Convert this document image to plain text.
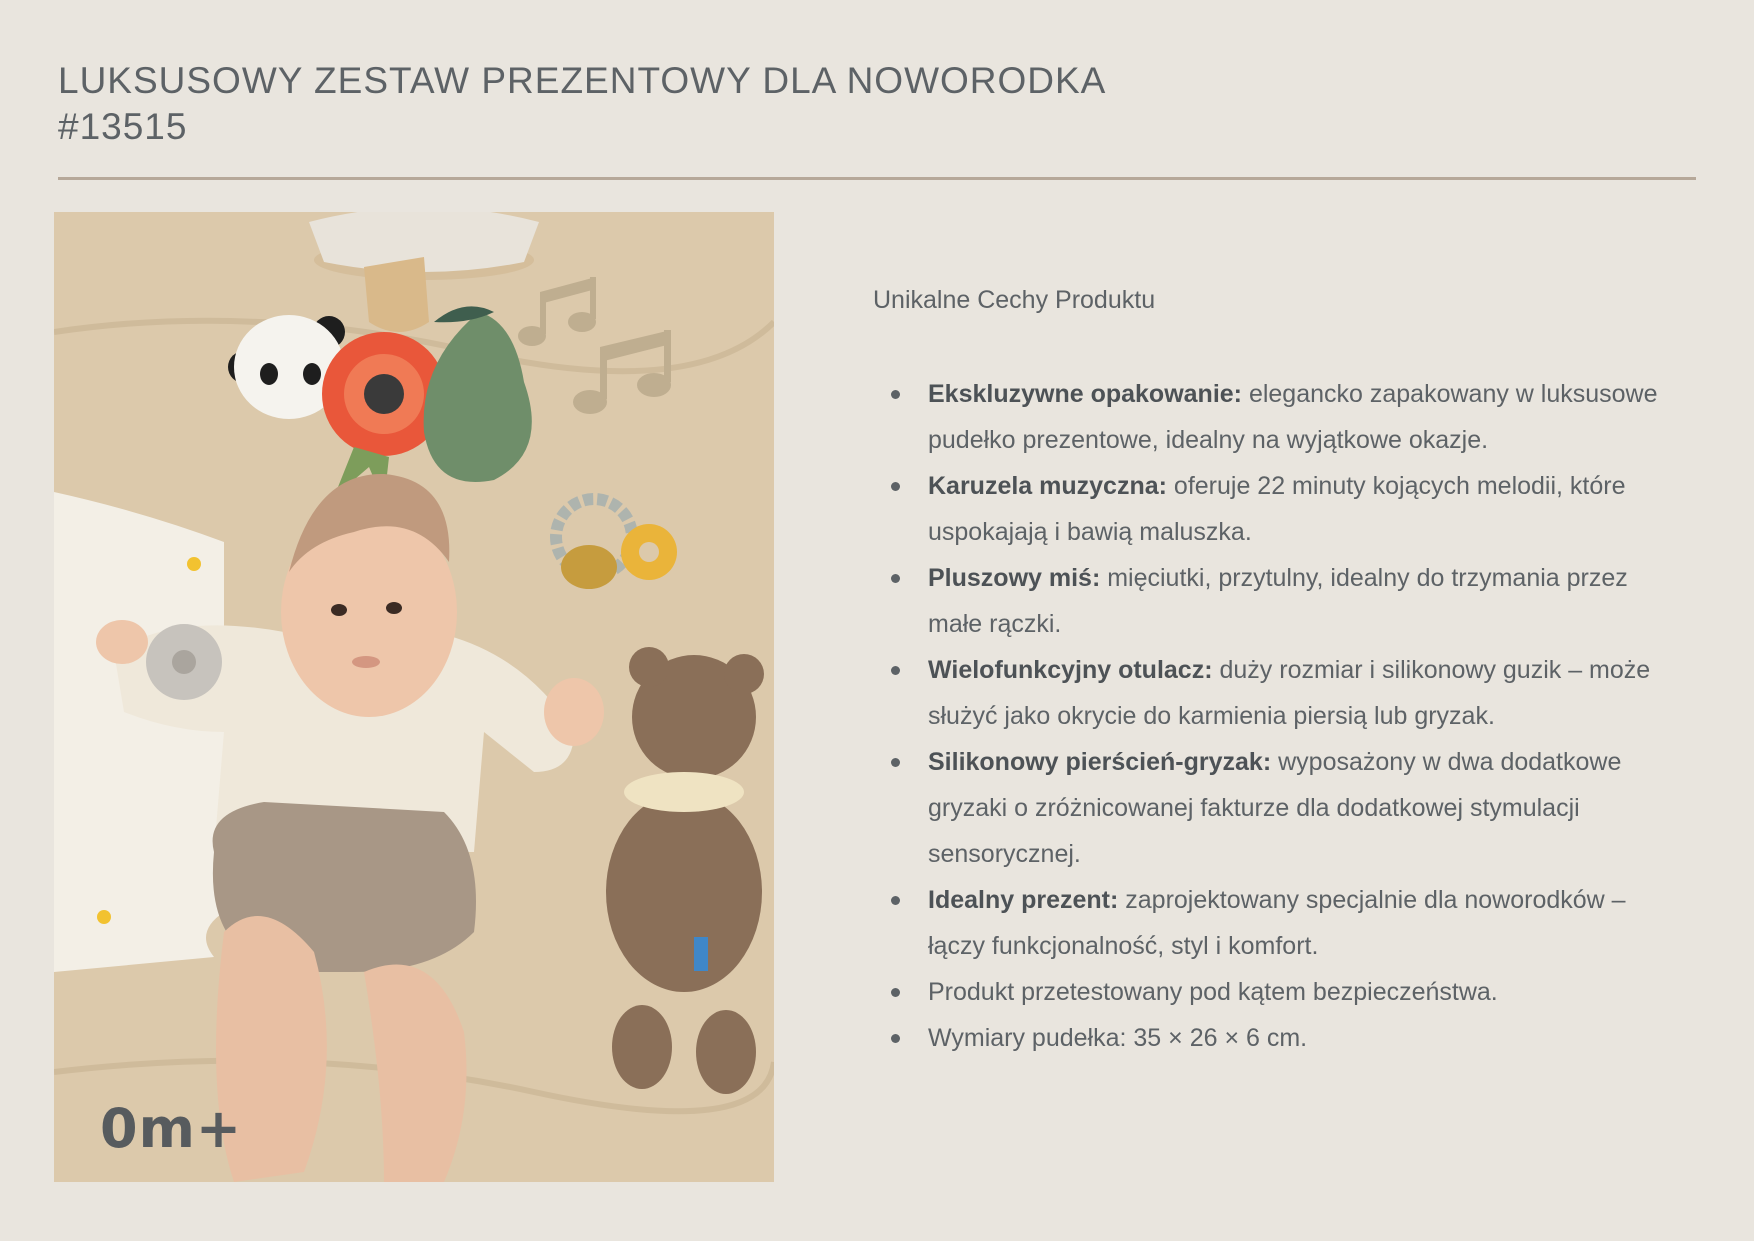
LUKSUSOWY ZESTAW PREZENTOWY DLA NOWORODKA
#13515
0m+
Unikalne Cechy Produktu
Ekskluzywne opakowanie: elegancko zapakowany w luksusowe pudełko prezentowe, idealny na wyjątkowe okazje.
Karuzela muzyczna: oferuje 22 minuty kojących melodii, które uspokajają i bawią maluszka.
Pluszowy miś: mięciutki, przytulny, idealny do trzymania przez małe rączki.
Wielofunkcyjny otulacz: duży rozmiar i silikonowy guzik – może służyć jako okrycie do karmienia piersią lub gryzak.
Silikonowy pierścień-gryzak: wyposażony w dwa dodatkowe gryzaki o zróżnicowanej fakturze dla dodatkowej stymulacji sensorycznej.
Idealny prezent: zaprojektowany specjalnie dla noworodków – łączy funkcjonalność, styl i komfort.
Produkt przetestowany pod kątem bezpieczeństwa.
Wymiary pudełka: 35 × 26 × 6 cm.
